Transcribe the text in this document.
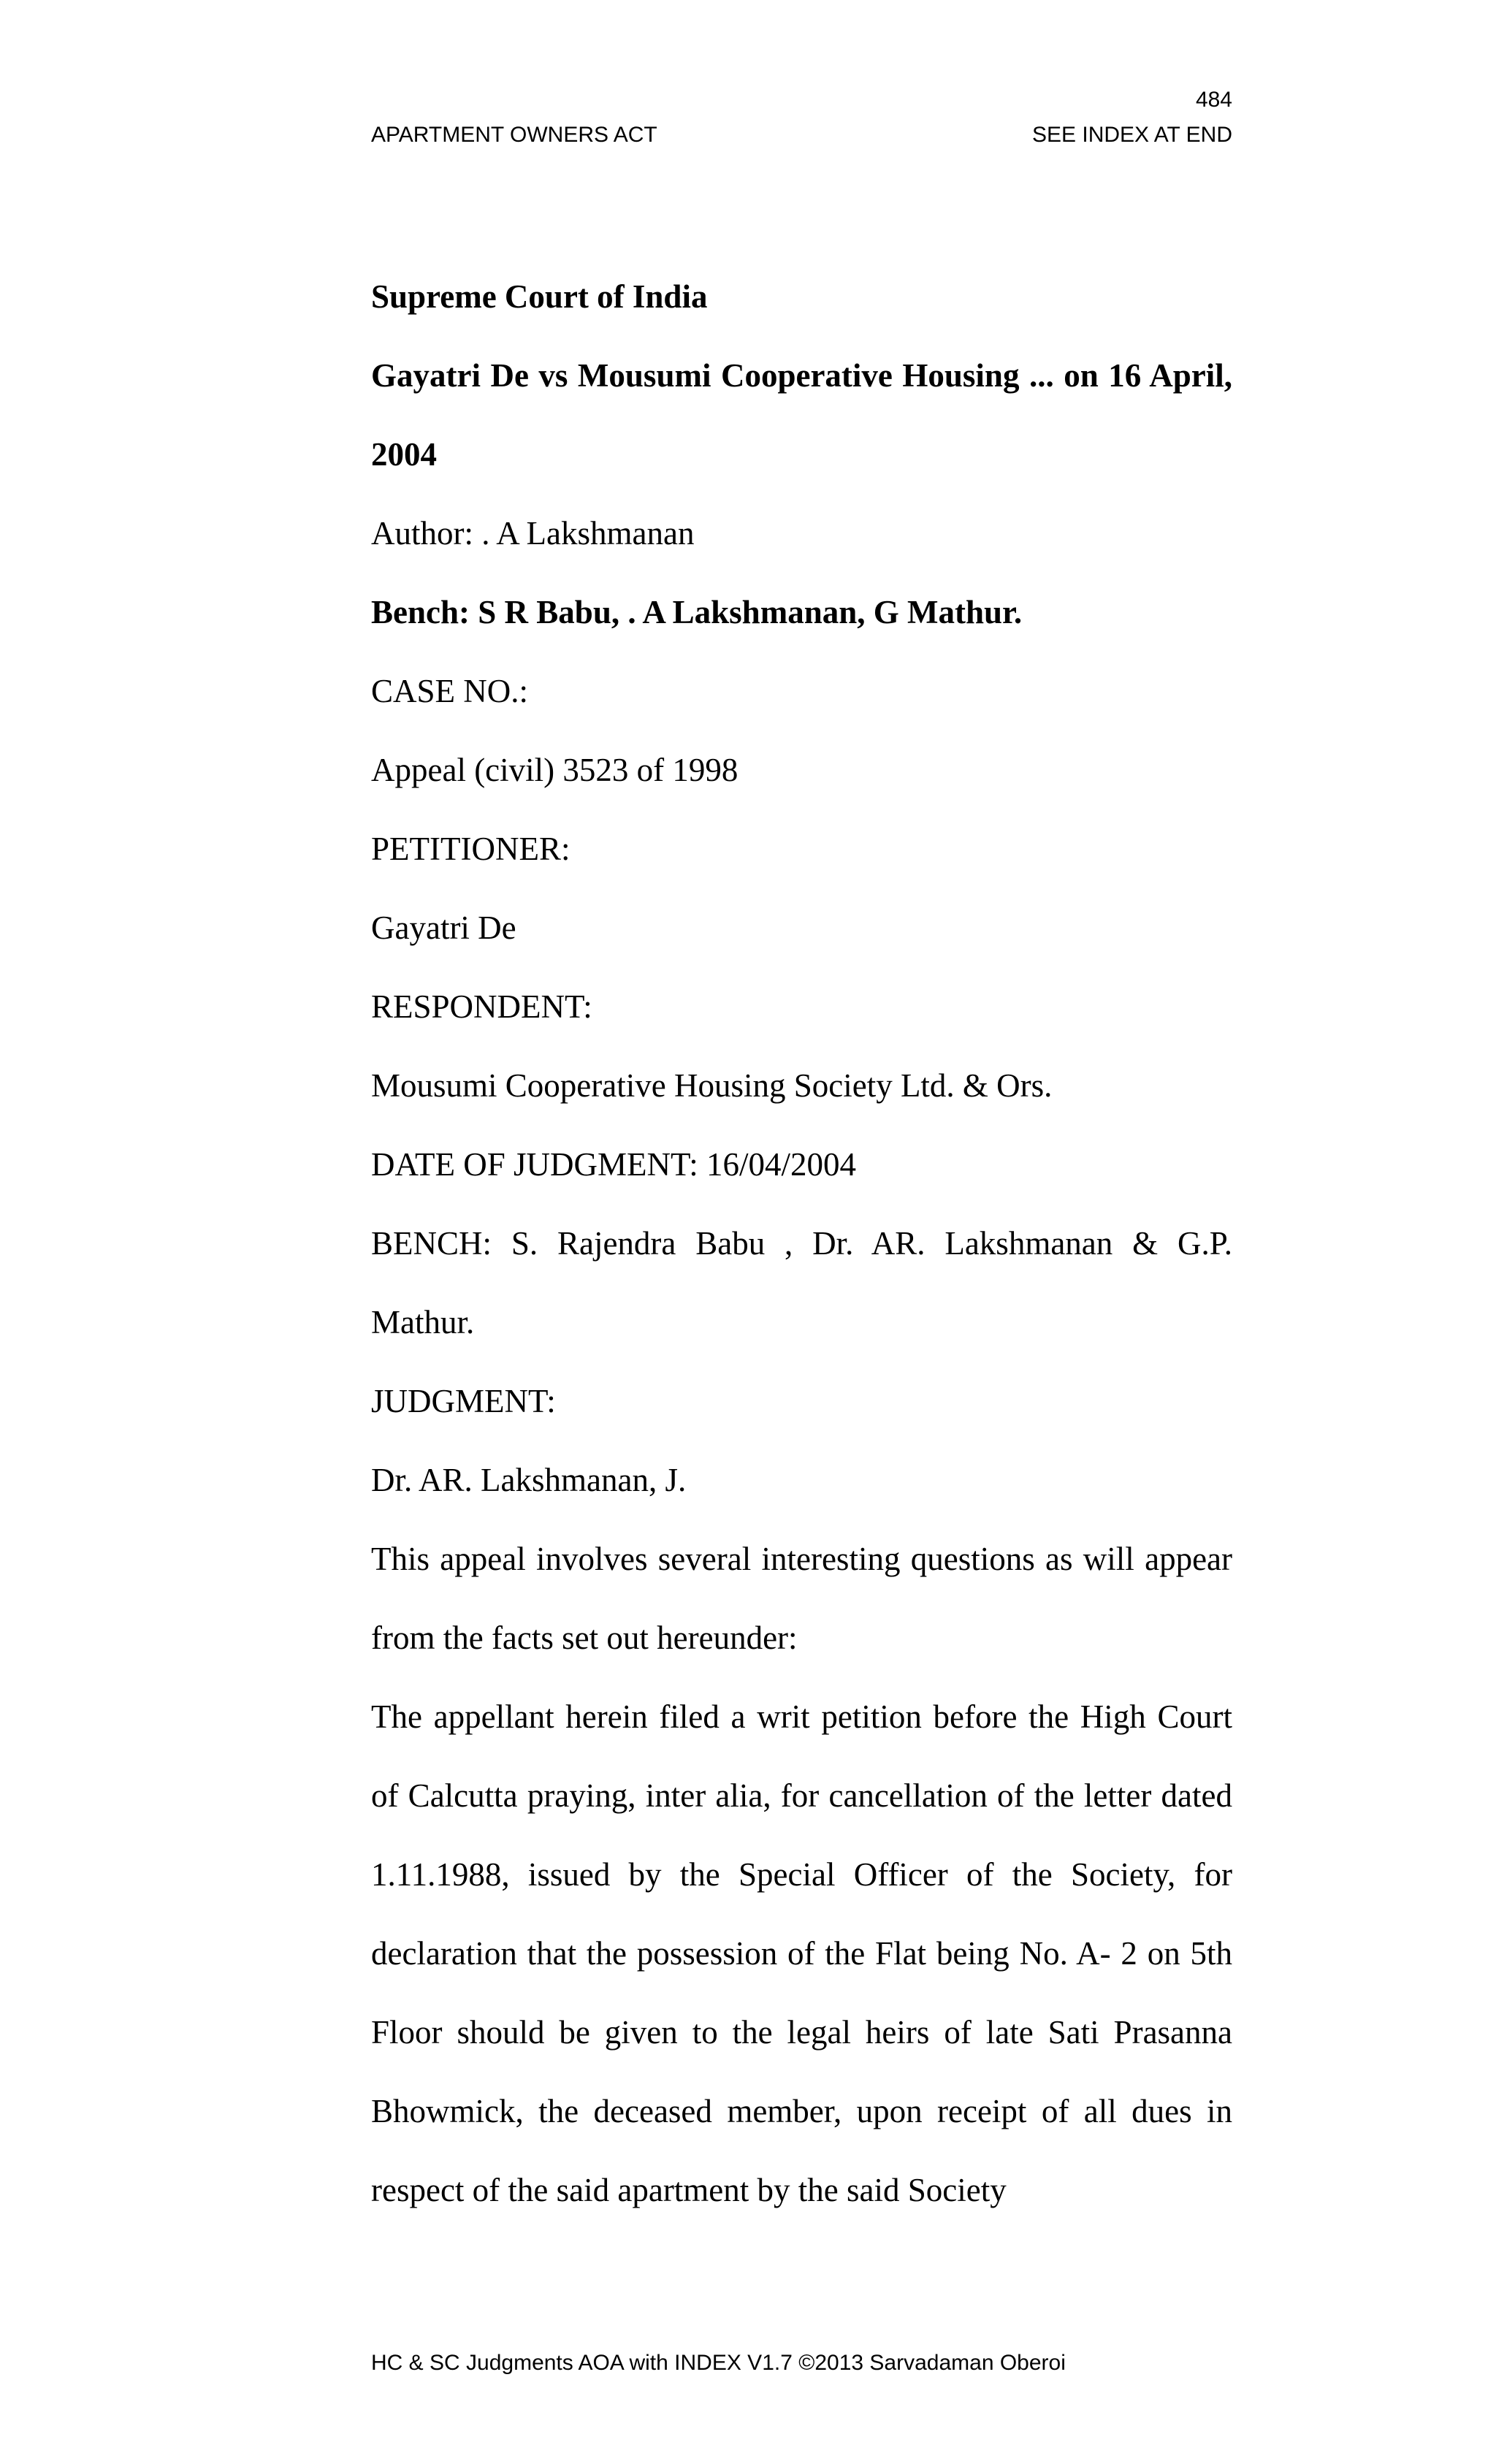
484
APARTMENT OWNERS ACT	SEE INDEX AT END

Supreme Court of India

Gayatri De vs Mousumi Cooperative Housing ... on 16 April, 2004

Author: . A Lakshmanan

Bench: S R Babu, . A Lakshmanan, G Mathur.

CASE NO.:

Appeal (civil) 3523 of 1998

PETITIONER:

Gayatri De

RESPONDENT:

Mousumi Cooperative Housing Society Ltd. & Ors.

DATE OF JUDGMENT: 16/04/2004

BENCH: S. Rajendra Babu , Dr. AR. Lakshmanan & G.P. Mathur.

JUDGMENT:

Dr. AR. Lakshmanan, J.

This appeal involves several interesting questions as will appear from the facts set out hereunder:

The appellant herein filed a writ petition before the High Court of Calcutta praying, inter alia, for cancellation of the letter dated 1.11.1988, issued by the Special Officer of the Society, for declaration that the possession of the Flat being No. A- 2 on 5th Floor should be given to the legal heirs of late Sati Prasanna Bhowmick, the deceased member, upon receipt of all dues in respect of the said apartment by the said Society

HC & SC Judgments AOA with INDEX V1.7 ©2013 Sarvadaman Oberoi
